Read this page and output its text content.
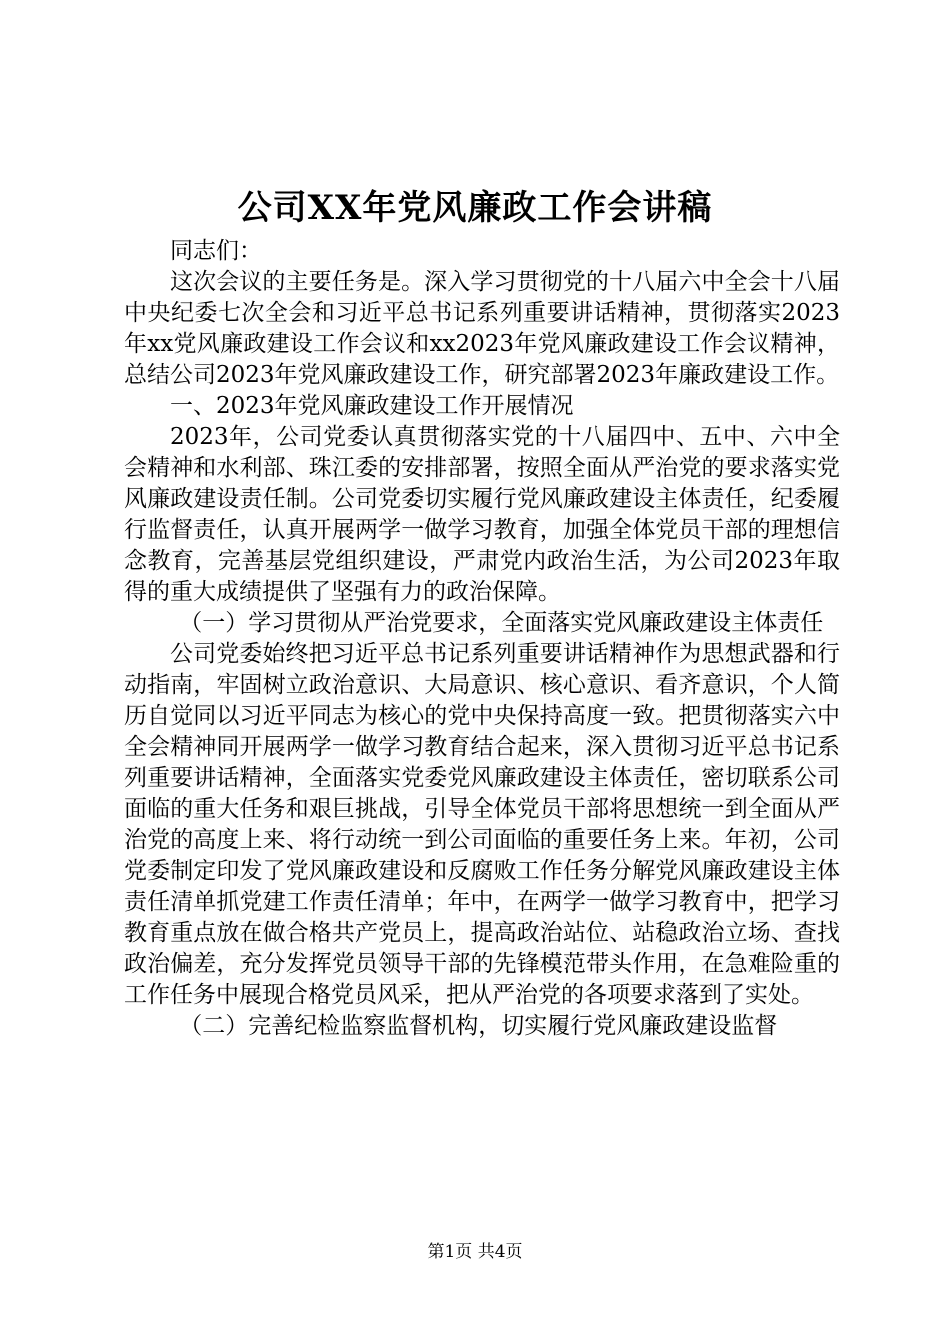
公司XX年党风廉政工作会讲稿

同志们：

这次会议的主要任务是。深入学习贯彻党的十八届六中全会十八届中央纪委七次全会和习近平总书记系列重要讲话精神，贯彻落实2023年xx党风廉政建设工作会议和xx2023年党风廉政建设工作会议精神，总结公司2023年党风廉政建设工作，研究部署2023年廉政建设工作。

一、2023年党风廉政建设工作开展情况

2023年，公司党委认真贯彻落实党的十八届四中、五中、六中全会精神和水利部、珠江委的安排部署，按照全面从严治党的要求落实党风廉政建设责任制。公司党委切实履行党风廉政建设主体责任，纪委履行监督责任，认真开展两学一做学习教育，加强全体党员干部的理想信念教育，完善基层党组织建设，严肃党内政治生活，为公司2023年取得的重大成绩提供了坚强有力的政治保障。

（一）学习贯彻从严治党要求，全面落实党风廉政建设主体责任

公司党委始终把习近平总书记系列重要讲话精神作为思想武器和行动指南，牢固树立政治意识、大局意识、核心意识、看齐意识，个人简历自觉同以习近平同志为核心的党中央保持高度一致。把贯彻落实六中全会精神同开展两学一做学习教育结合起来，深入贯彻习近平总书记系列重要讲话精神，全面落实党委党风廉政建设主体责任，密切联系公司面临的重大任务和艰巨挑战，引导全体党员干部将思想统一到全面从严治党的高度上来、将行动统一到公司面临的重要任务上来。年初，公司党委制定印发了党风廉政建设和反腐败工作任务分解党风廉政建设主体责任清单抓党建工作责任清单；年中，在两学一做学习教育中，把学习教育重点放在做合格共产党员上，提高政治站位、站稳政治立场、查找政治偏差，充分发挥党员领导干部的先锋模范带头作用，在急难险重的工作任务中展现合格党员风采，把从严治党的各项要求落到了实处。

（二）完善纪检监察监督机构，切实履行党风廉政建设监督

第1页 共4页
